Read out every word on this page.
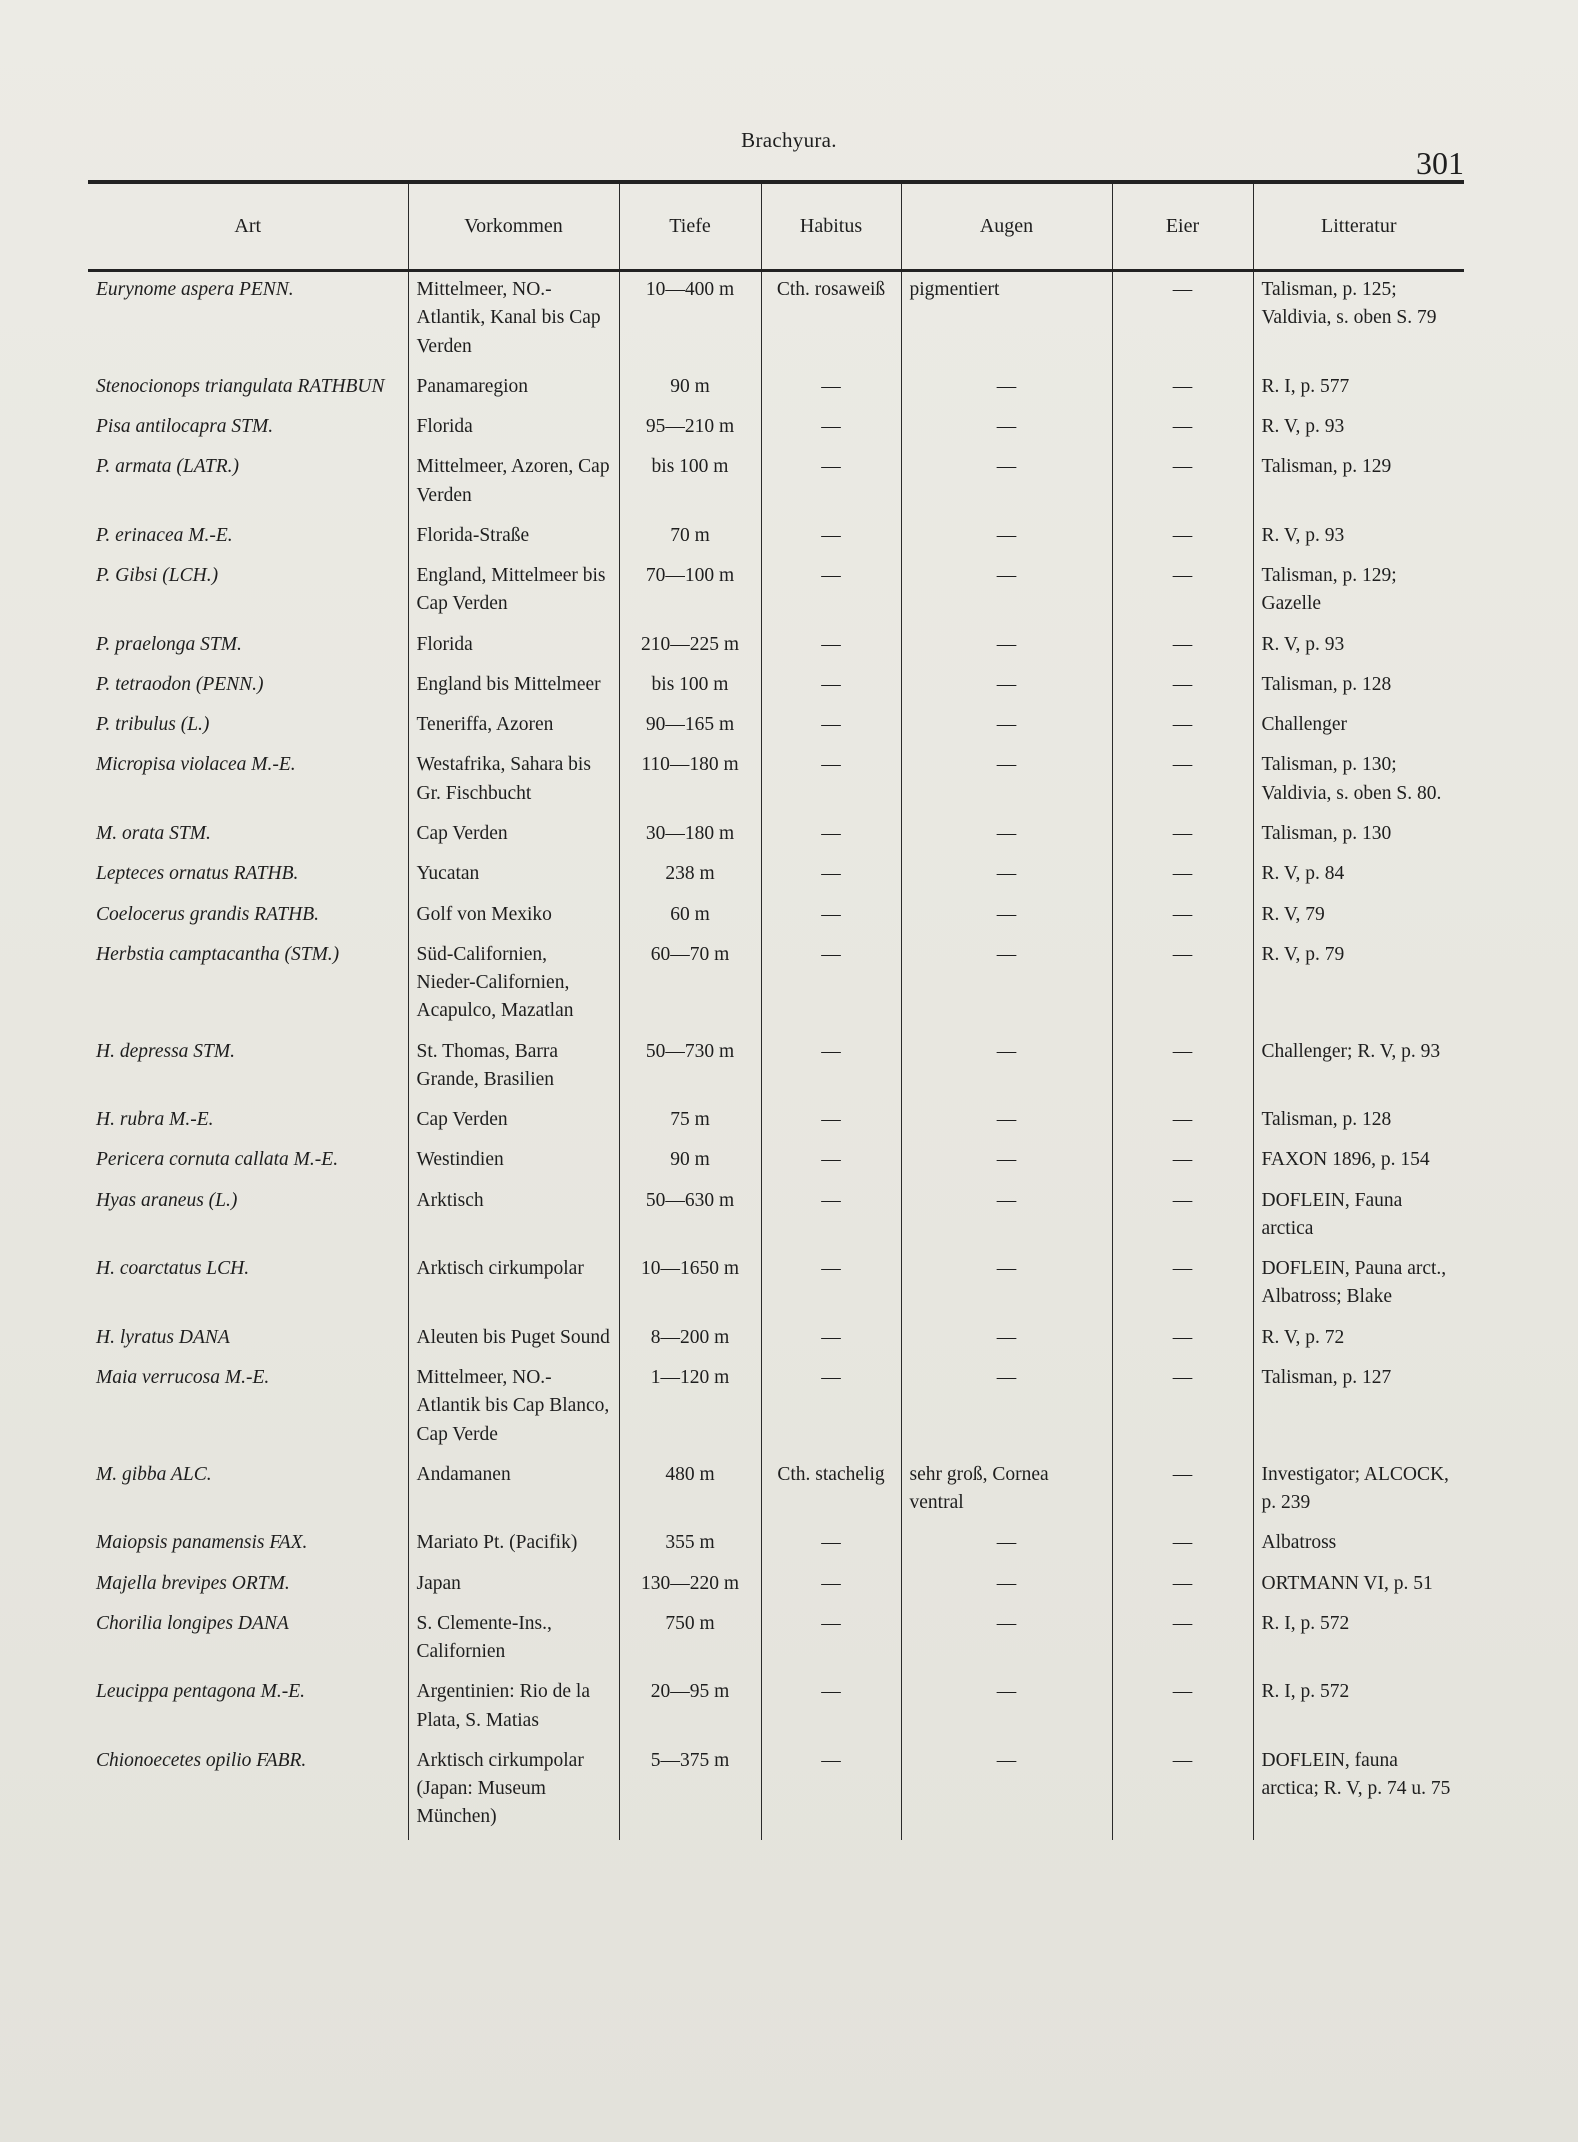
Brachyura.
301
Art	Vorkommen	Tiefe	Habitus	Augen	Eier	Litteratur
Eurynome aspera PENN.	Mittelmeer, NO.-Atlantik, Kanal bis Cap Verden	10—400 m	Cth. rosaweiß	pigmentiert	—	Talisman, p. 125; Valdivia, s. oben S. 79
Stenocionops triangulata RATHBUN	Panamaregion	90 m	—	—	—	R. I, p. 577
Pisa antilocapra STM.	Florida	95—210 m	—	—	—	R. V, p. 93
P. armata (LATR.)	Mittelmeer, Azoren, Cap Verden	bis 100 m	—	—	—	Talisman, p. 129
P. erinacea M.-E.	Florida-Straße	70 m	—	—	—	R. V, p. 93
P. Gibsi (LCH.)	England, Mittelmeer bis Cap Verden	70—100 m	—	—	—	Talisman, p. 129; Gazelle
P. praelonga STM.	Florida	210—225 m	—	—	—	R. V, p. 93
P. tetraodon (PENN.)	England bis Mittelmeer	bis 100 m	—	—	—	Talisman, p. 128
P. tribulus (L.)	Teneriffa, Azoren	90—165 m	—	—	—	Challenger
Micropisa violacea M.-E.	Westafrika, Sahara bis Gr. Fischbucht	110—180 m	—	—	—	Talisman, p. 130; Valdivia, s. oben S. 80.
M. orata STM.	Cap Verden	30—180 m	—	—	—	Talisman, p. 130
Lepteces ornatus RATHB.	Yucatan	238 m	—	—	—	R. V, p. 84
Coelocerus grandis RATHB.	Golf von Mexiko	60 m	—	—	—	R. V, 79
Herbstia camptacantha (STM.)	Süd-Californien, Nieder-Californien, Acapulco, Mazatlan	60—70 m	—	—	—	R. V, p. 79
H. depressa STM.	St. Thomas, Barra Grande, Brasilien	50—730 m	—	—	—	Challenger; R. V, p. 93
H. rubra M.-E.	Cap Verden	75 m	—	—	—	Talisman, p. 128
Pericera cornuta callata M.-E.	Westindien	90 m	—	—	—	FAXON 1896, p. 154
Hyas araneus (L.)	Arktisch	50—630 m	—	—	—	DOFLEIN, Fauna arctica
H. coarctatus LCH.	Arktisch cirkumpolar	10—1650 m	—	—	—	DOFLEIN, Pauna arct., Albatross; Blake
H. lyratus DANA	Aleuten bis Puget Sound	8—200 m	—	—	—	R. V, p. 72
Maia verrucosa M.-E.	Mittelmeer, NO.-Atlantik bis Cap Blanco, Cap Verde	1—120 m	—	—	—	Talisman, p. 127
M. gibba ALC.	Andamanen	480 m	Cth. stachelig	sehr groß, Cornea ventral	—	Investigator; ALCOCK, p. 239
Maiopsis panamensis FAX.	Mariato Pt. (Pacifik)	355 m	—	—	—	Albatross
Majella brevipes ORTM.	Japan	130—220 m	—	—	—	ORTMANN VI, p. 51
Chorilia longipes DANA	S. Clemente-Ins., Californien	750 m	—	—	—	R. I, p. 572
Leucippa pentagona M.-E.	Argentinien: Rio de la Plata, S. Matias	20—95 m	—	—	—	R. I, p. 572
Chionoecetes opilio FABR.	Arktisch cirkumpolar (Japan: Museum München)	5—375 m	—	—	—	DOFLEIN, fauna arctica; R. V, p. 74 u. 75
